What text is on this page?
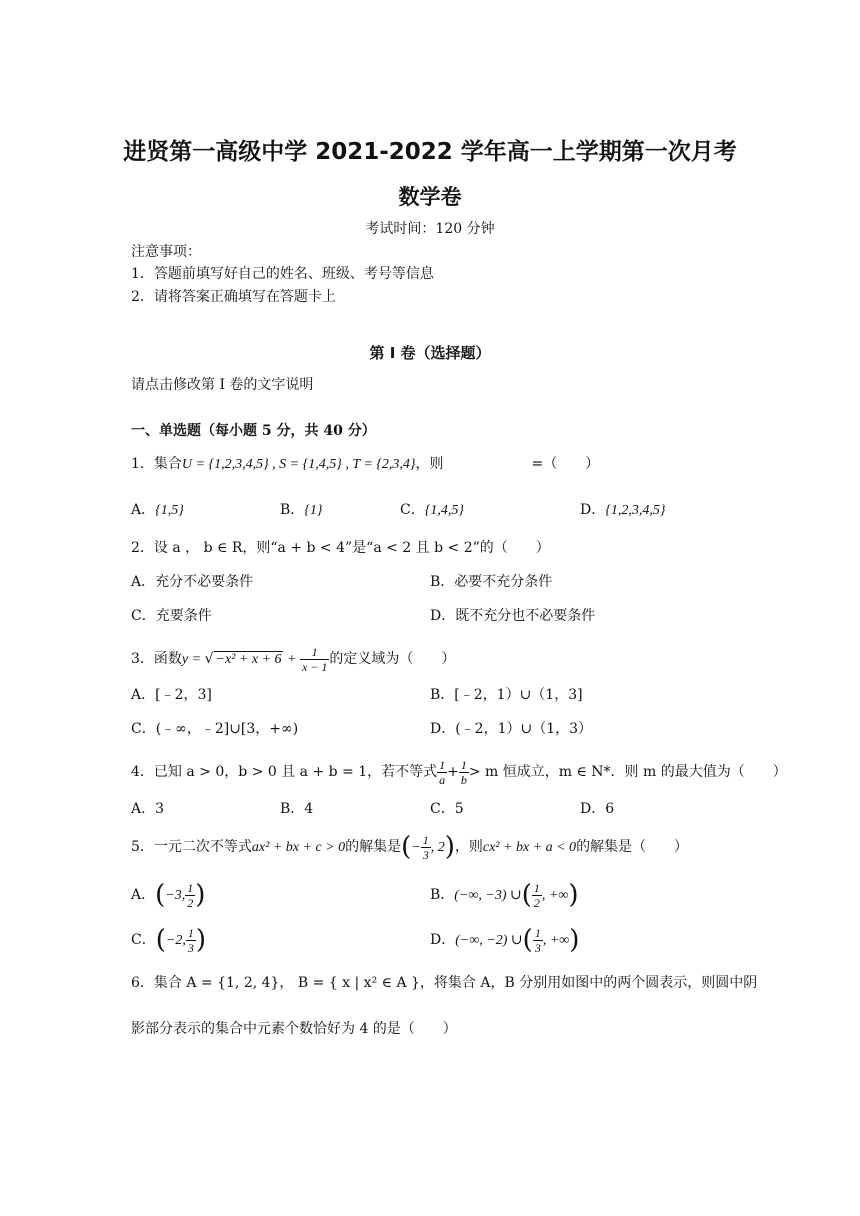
进贤第一高级中学 2021-2022 学年高一上学期第一次月考
数学卷
考试时间：120 分钟
注意事项：
1．答题前填写好自己的姓名、班级、考号等信息
2．请将答案正确填写在答题卡上
第 I 卷（选择题）
请点击修改第 I 卷的文字说明
一、单选题（每小题 5 分，共 40 分）
1．集合U = {1,2,3,4,5} , S = {1,4,5} , T = {2,3,4}，则	=（　　）
A．{1,5}	B．{1}	C．{1,4,5}	D．{1,2,3,4,5}
2．设 a ， b ∈ R，则“a + b < 4”是“a < 2 且 b < 2”的（　　）
A．充分不必要条件	B．必要不充分条件
C．充要条件	D．既不充分也不必要条件
3．函数y = √ $-x^2 + x + 6 + \frac{1}{x - 1}$ 的定义域为（　　）
A．[﹣2，3]	B．[﹣2，1）∪（1，3]
C．(﹣∞，﹣2]∪[3，+∞)	D．(﹣2，1）∪（1，3）
4．已知 a > 0，b > 0 且 a + b = 1，若不等式 $\frac{1}{a} + \frac{1}{b} > m$ 恒成立，m ∈ N*．则 m 的最大值为（　　）
A．3	B．4	C．5	D．6
5．一元二次不等式ax² + bx + c > 0的解集是(− $\frac{1}{3}$ , 2)，则cx² + bx + a < 0的解集是（　　）
A．(−3, $\frac{1}{2}$ )	B．(−∞, −3) ∪( $\frac{1}{2}$ , +∞)
C．(−2, $\frac{1}{3}$ )	D．(−∞, −2) ∪( $\frac{1}{3}$ , +∞)
6．集合 A = {1, 2, 4}， B = { x | x² ∈ A }，将集合 A，B 分别用如图中的两个圆表示，则圆中阴
影部分表示的集合中元素个数恰好为 4 的是（　　）
